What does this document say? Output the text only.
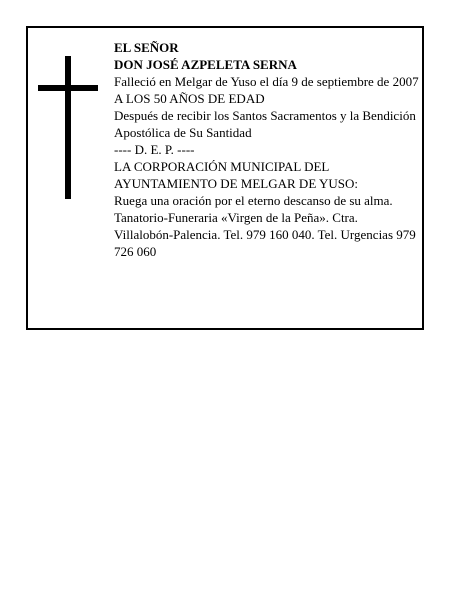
EL SEÑOR

DON JOSÉ AZPELETA SERNA

Falleció en Melgar de Yuso el día 9 de septiembre de 2007

A LOS 50 AÑOS DE EDAD

Después de recibir los Santos Sacramentos y la Bendición Apostólica de Su Santidad

---- D. E. P. ----

LA CORPORACIÓN MUNICIPAL DEL AYUNTAMIENTO DE MELGAR DE YUSO:

Ruega una oración por el eterno descanso de su alma.

Tanatorio-Funeraria «Virgen de la Peña». Ctra. Villalobón-Palencia. Tel. 979 160 040. Tel. Urgencias 979 726 060
